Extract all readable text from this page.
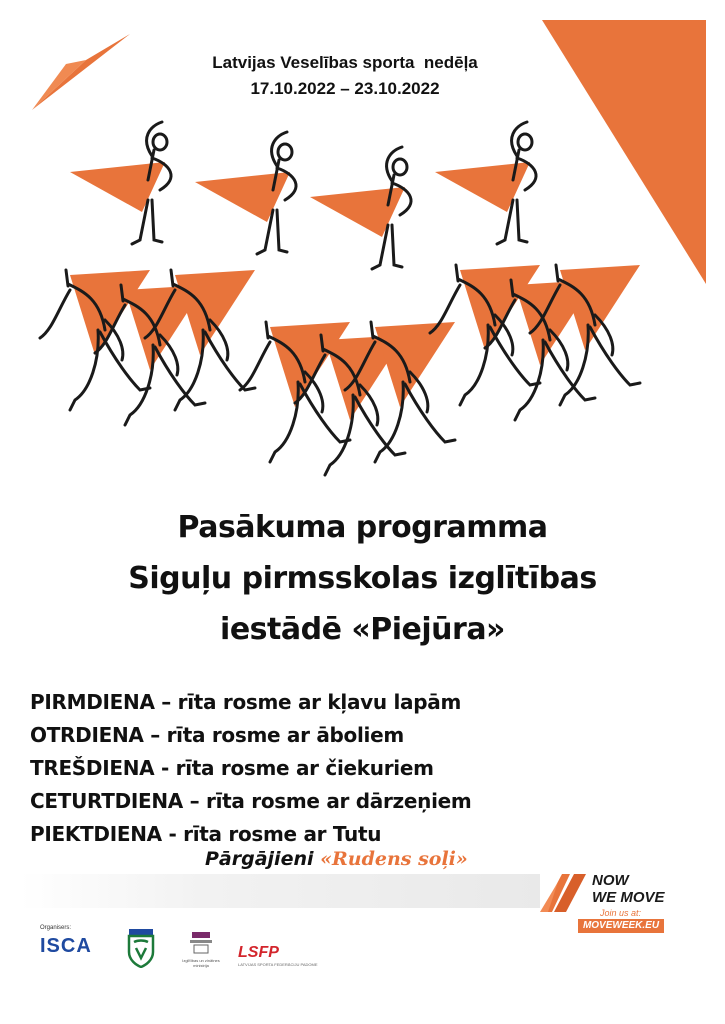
Latvijas Veselības sporta  nedēļa
17.10.2022 – 23.10.2022
Pasākuma programma
Siguļu pirmsskolas izglītības
iestādē «Piejūra»
PIRMDIENA – rīta rosme ar kļavu lapām
OTRDIENA – rīta rosme ar āboliem
TREŠDIENA - rīta rosme ar čiekuriem
CETURTDIENA – rīta rosme ar dārzeņiem
PIEKTDIENA - rīta rosme ar Tutu
Pārgājieni «Rudens soļi»
Organisers:
ISCA
Izglītības un zinātnes ministrija
LSFP
LATVIJAS SPORTA FEDERĀCIJU PADOME
NOW
WE MOVE
Join us at:
MOVEWEEK.EU
